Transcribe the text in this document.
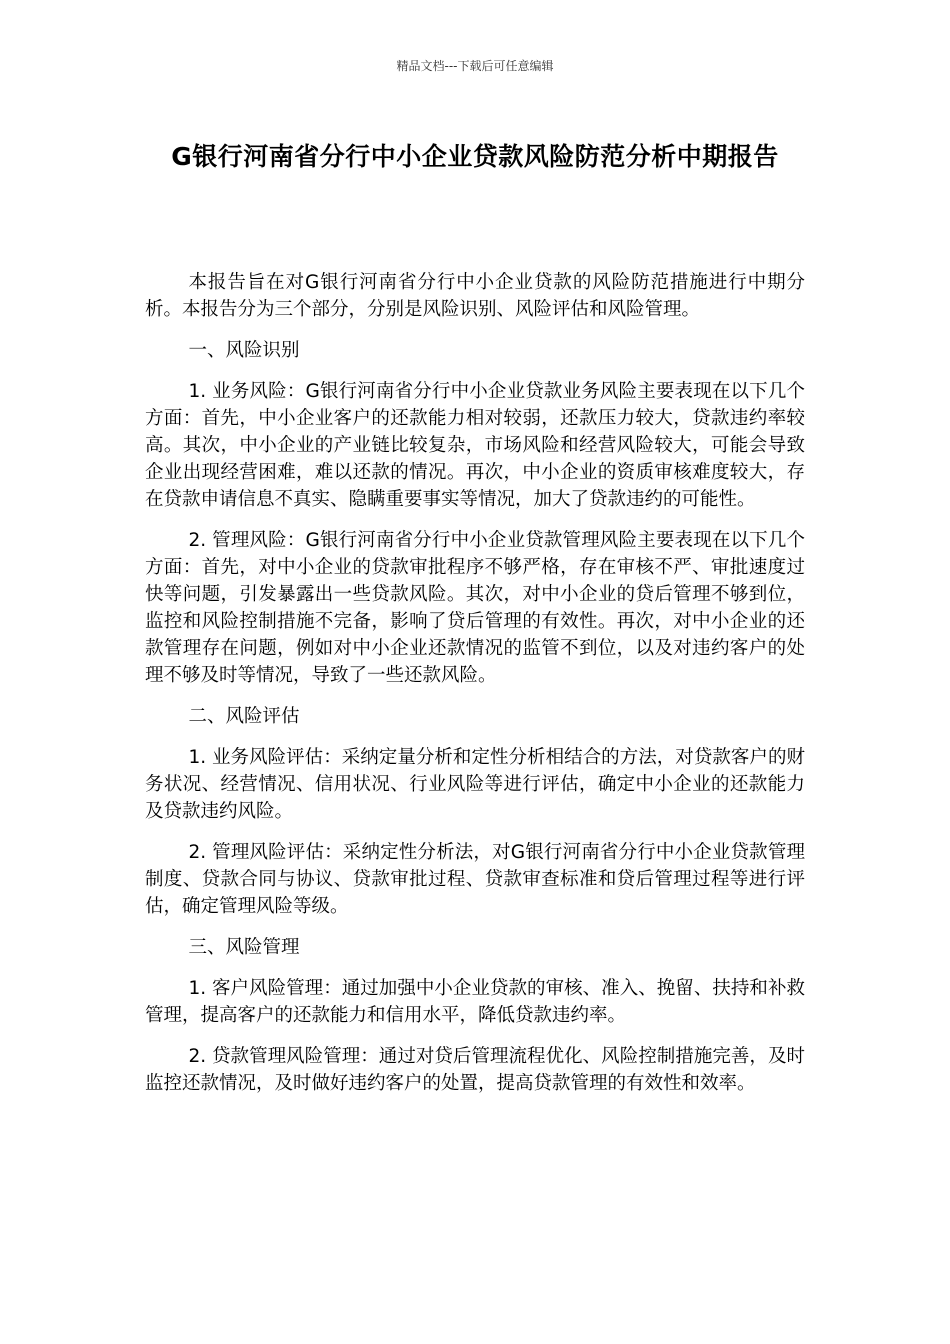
精品文档---下载后可任意编辑
G银行河南省分行中小企业贷款风险防范分析中期报告

本报告旨在对G银行河南省分行中小企业贷款的风险防范措施进行中期分析。本报告分为三个部分，分别是风险识别、风险评估和风险管理。

一、风险识别

1. 业务风险：G银行河南省分行中小企业贷款业务风险主要表现在以下几个方面：首先，中小企业客户的还款能力相对较弱，还款压力较大，贷款违约率较高。其次，中小企业的产业链比较复杂，市场风险和经营风险较大，可能会导致企业出现经营困难，难以还款的情况。再次，中小企业的资质审核难度较大，存在贷款申请信息不真实、隐瞒重要事实等情况，加大了贷款违约的可能性。

2. 管理风险：G银行河南省分行中小企业贷款管理风险主要表现在以下几个方面：首先，对中小企业的贷款审批程序不够严格，存在审核不严、审批速度过快等问题，引发暴露出一些贷款风险。其次，对中小企业的贷后管理不够到位，监控和风险控制措施不完备，影响了贷后管理的有效性。再次，对中小企业的还款管理存在问题，例如对中小企业还款情况的监管不到位，以及对违约客户的处理不够及时等情况，导致了一些还款风险。

二、风险评估

1. 业务风险评估：采纳定量分析和定性分析相结合的方法，对贷款客户的财务状况、经营情况、信用状况、行业风险等进行评估，确定中小企业的还款能力及贷款违约风险。

2. 管理风险评估：采纳定性分析法，对G银行河南省分行中小企业贷款管理制度、贷款合同与协议、贷款审批过程、贷款审查标准和贷后管理过程等进行评估，确定管理风险等级。

三、风险管理

1. 客户风险管理：通过加强中小企业贷款的审核、准入、挽留、扶持和补救管理，提高客户的还款能力和信用水平，降低贷款违约率。

2. 贷款管理风险管理：通过对贷后管理流程优化、风险控制措施完善，及时监控还款情况，及时做好违约客户的处置，提高贷款管理的有效性和效率。
